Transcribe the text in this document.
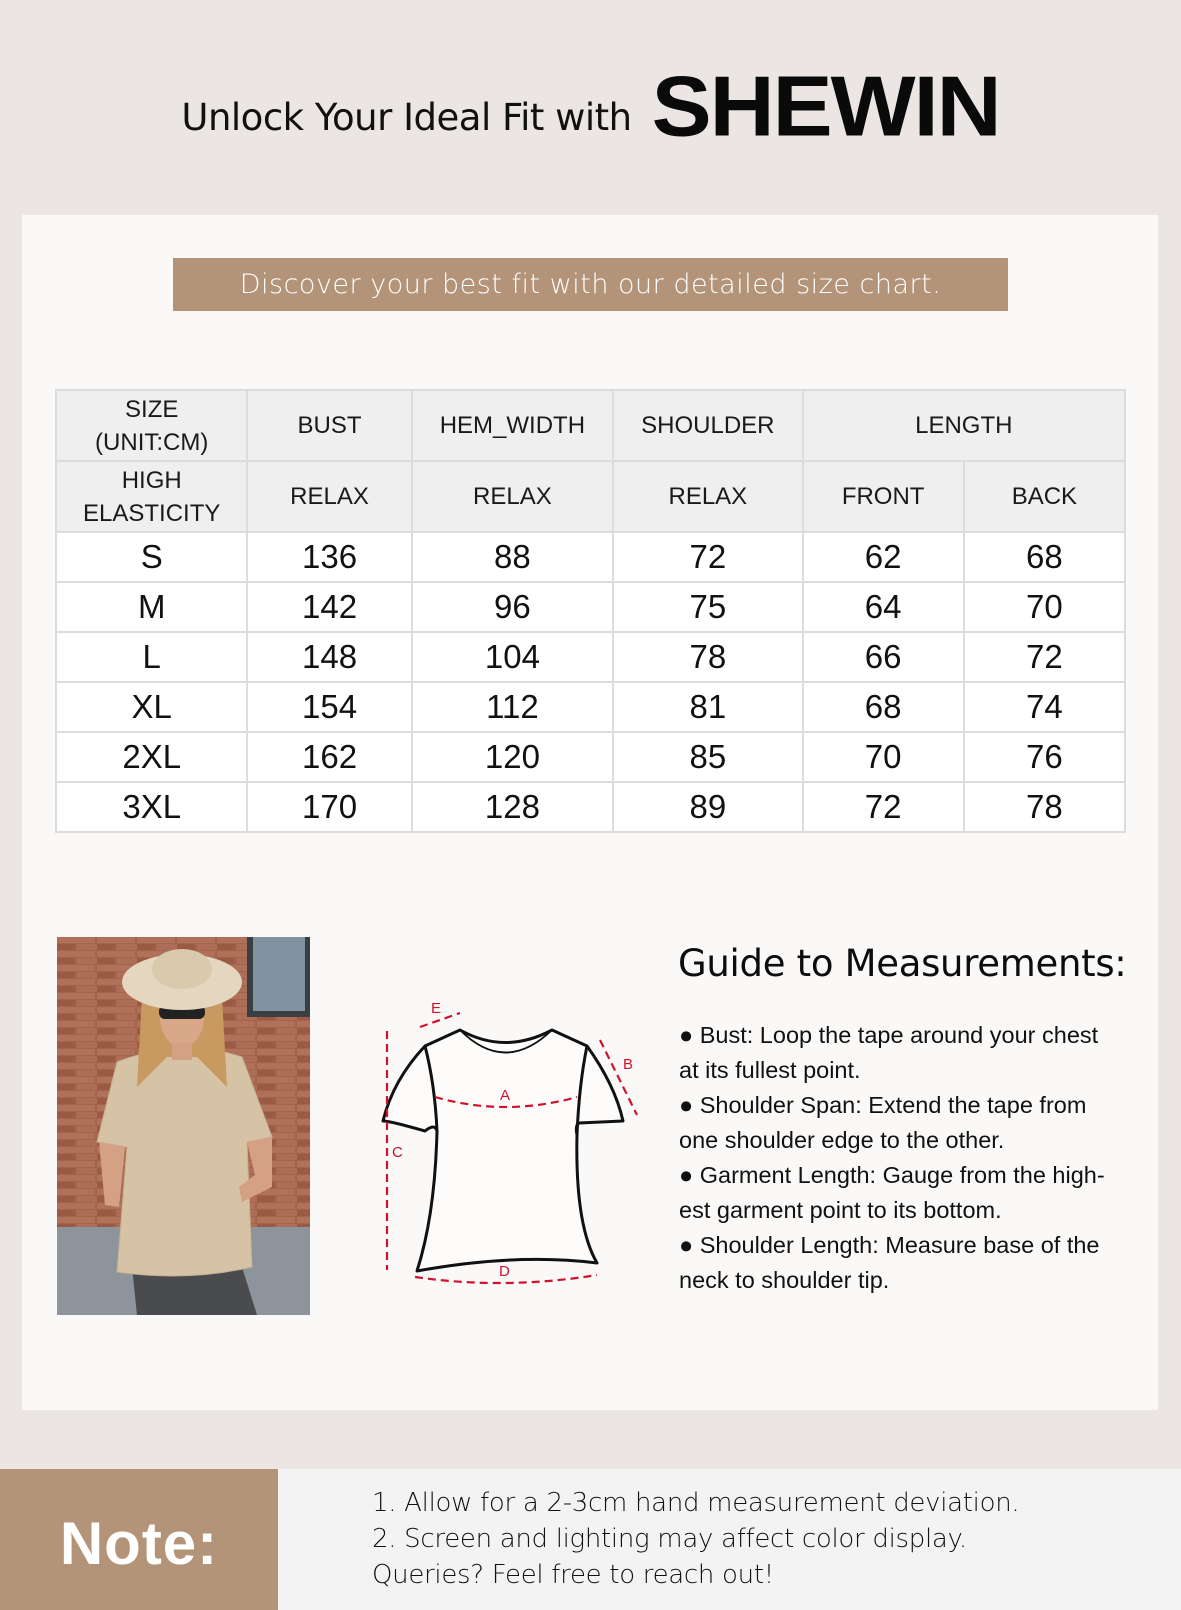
Unlock Your Ideal Fit with SHEWIN
Discover your best fit with our detailed size chart.
SIZE
(UNIT:CM)	BUST	HEM_WIDTH	SHOULDER	LENGTH	

HIGH
ELASTICITY	RELAX	RELAX	RELAX	FRONT	BACK
S	136	88	72	62	68
M	142	96	75	64	70
L	148	104	78	66	72
XL	154	112	81	68	74
2XL	162	120	85	70	76
3XL	170	128	89	72	78
A
B
C
D
E
Guide to Measurements:

● Bust: Loop the tape around your chest
at its fullest point.

● Shoulder Span: Extend the tape from
one shoulder edge to the other.

● Garment Length: Gauge from the high-
est garment point to its bottom.

● Shoulder Length: Measure base of the
neck to shoulder tip.

Note:
1. Allow for a 2-3cm hand measurement deviation.
2. Screen and lighting may affect color display.
Queries? Feel free to reach out!
